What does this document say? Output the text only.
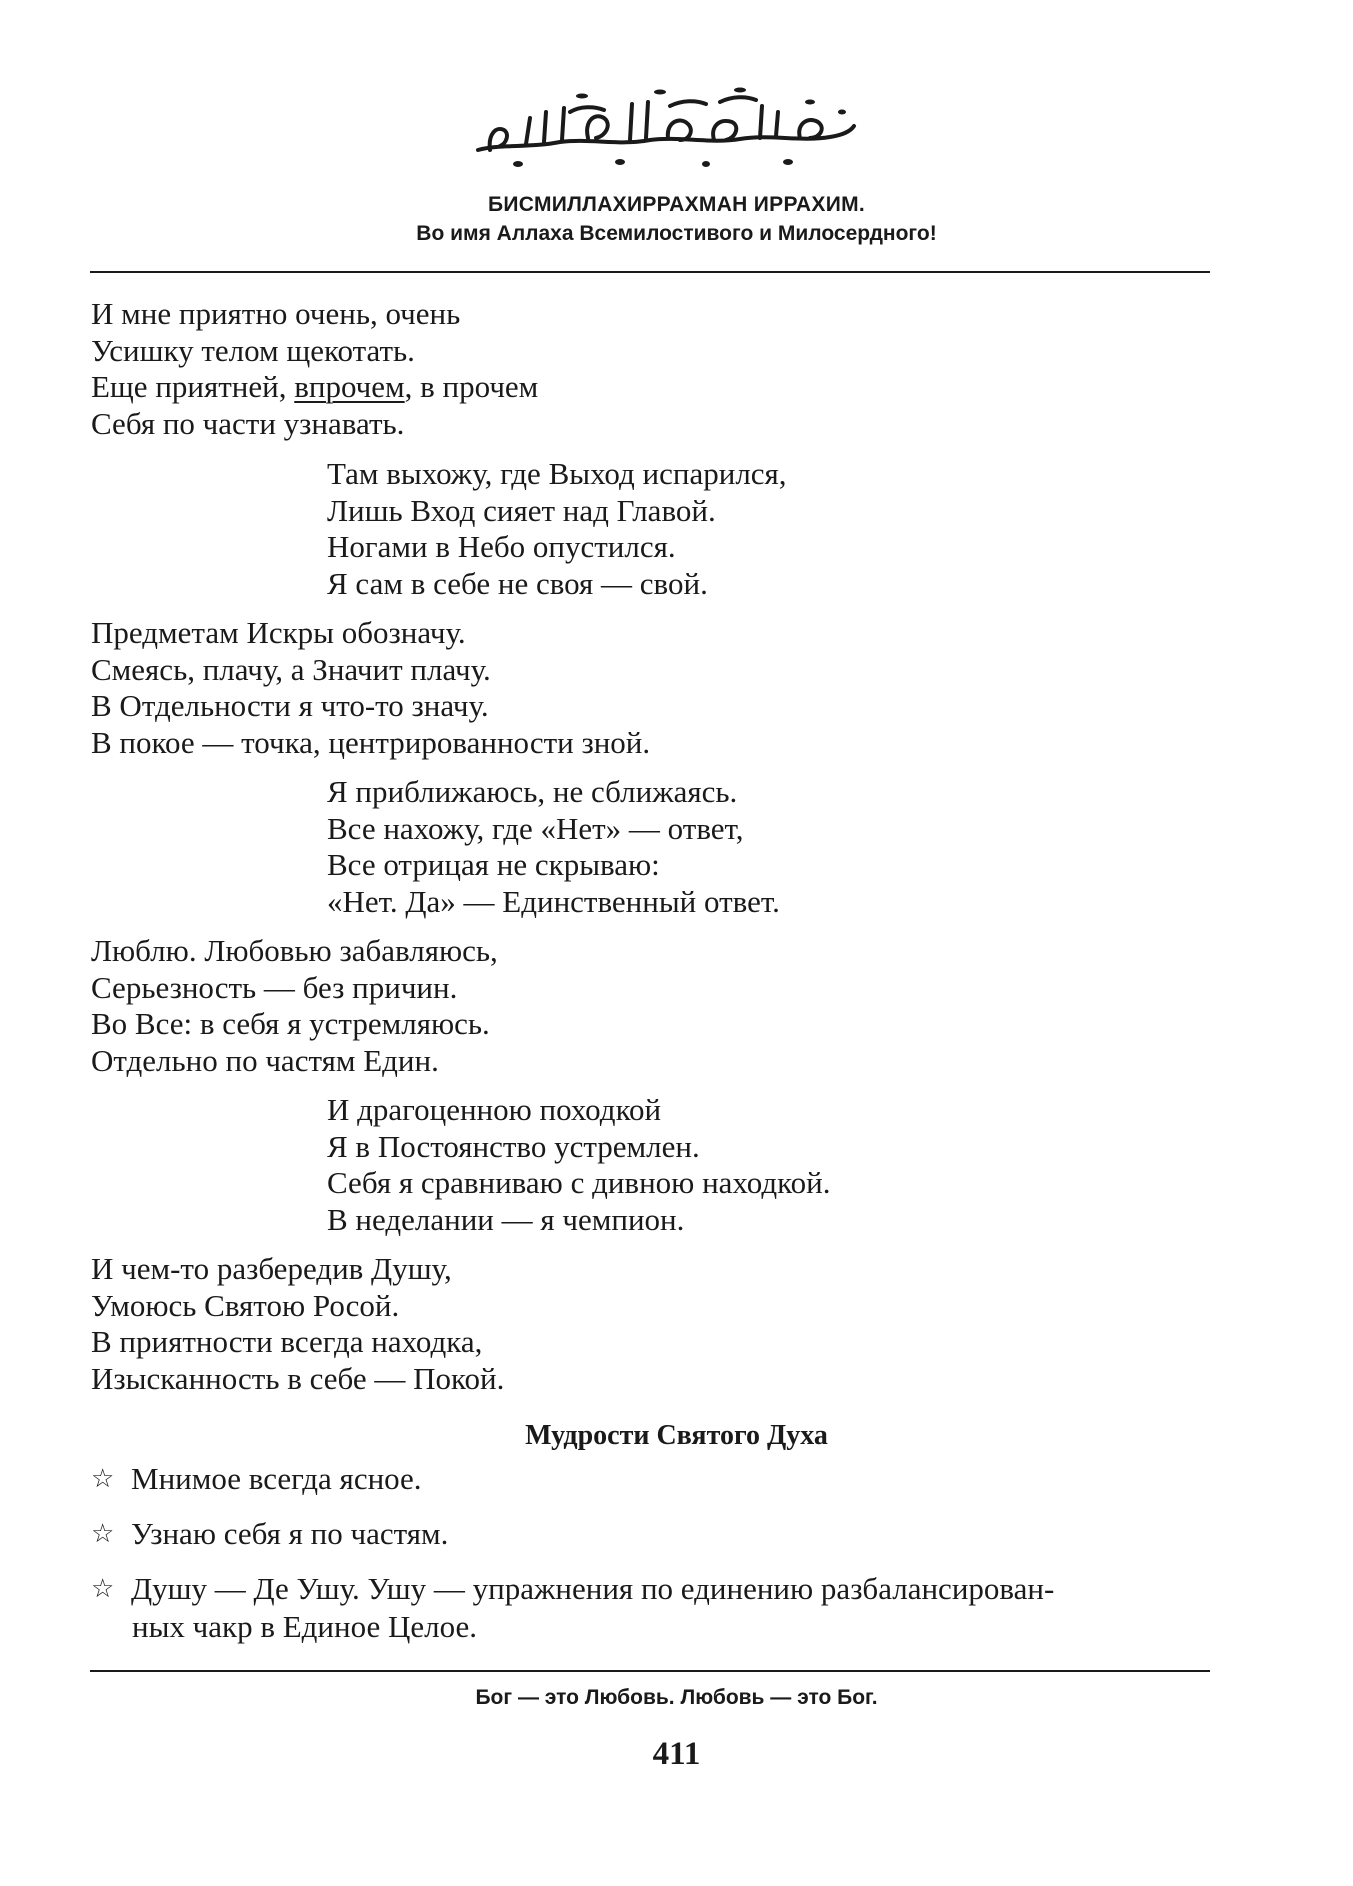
БИСМИЛЛАХИРРАХМАН ИРРАХИМ.
Во имя Аллаха Всемилостивого и Милосердного!
И мне приятно очень, очень
Усишку телом щекотать.
Еще приятней, впрочем, в прочем
Себя по части узнавать.
Там выхожу, где Выход испарился,
Лишь Вход сияет над Главой.
Ногами в Небо опустился.
Я сам в себе не своя — свой.
Предметам Искры обозначу.
Смеясь, плачу, а Значит плачу.
В Отдельности я что-то значу.
В покое — точка, центрированности зной.
Я приближаюсь, не сближаясь.
Все нахожу, где «Нет» — ответ,
Все отрицая не скрываю:
«Нет. Да» — Единственный ответ.
Люблю. Любовью забавляюсь,
Серьезность — без причин.
Во Все: в себя я устремляюсь.
Отдельно по частям Един.
И драгоценною походкой
Я в Постоянство устремлен.
Себя я сравниваю с дивною находкой.
В неделании — я чемпион.
И чем-то разбередив Душу,
Умоюсь Святою Росой.
В приятности всегда находка,
Изысканность в себе — Покой.
Мудрости Святого Духа
☆ Мнимое всегда ясное.
☆ Узнаю себя я по частям.
☆ Душу — Де Ушу. Ушу — упражнения по единению разбалансирован-
ных чакр в Единое Целое.
Бог — это Любовь. Любовь — это Бог.
411
